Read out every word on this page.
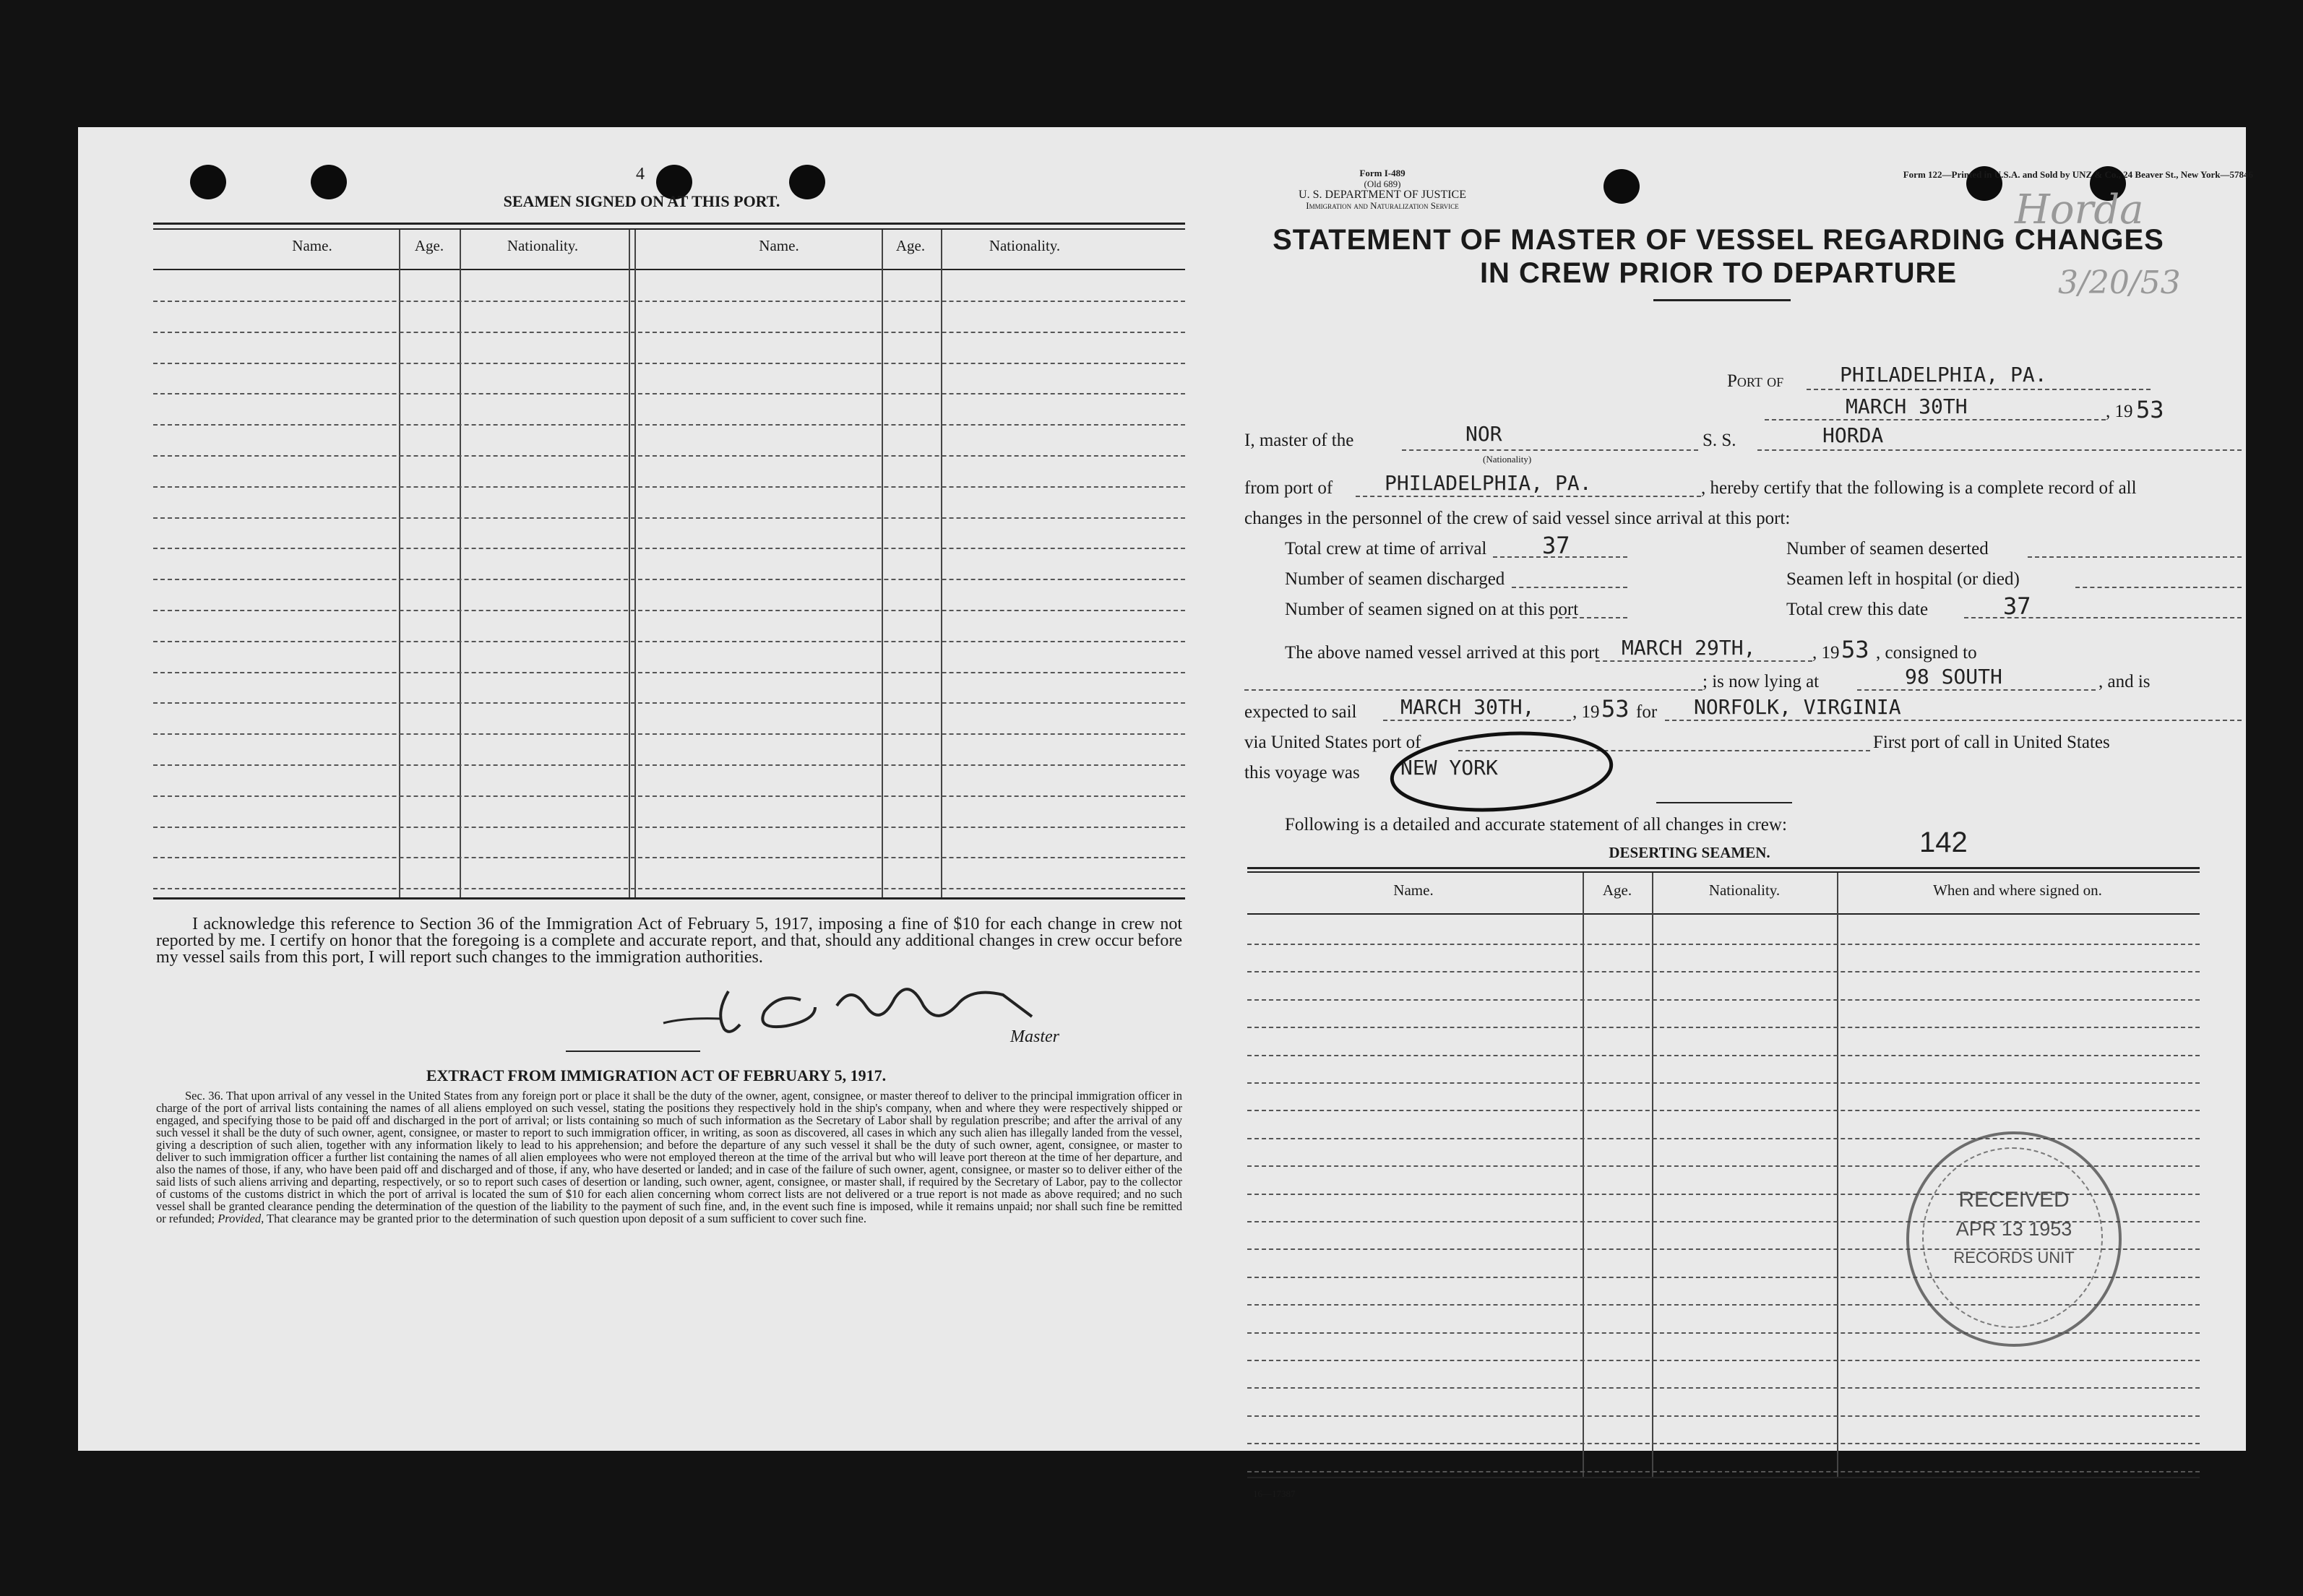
4
SEAMEN SIGNED ON AT THIS PORT.
Name.	Age.	Nationality.	Name.	Age.	Nationality.
I acknowledge this reference to Section 36 of the Immigration Act of February 5, 1917, imposing a fine of $10 for each change in crew not reported by me. I certify on honor that the foregoing is a complete and accurate report, and that, should any additional changes in crew occur before my vessel sails from this port, I will report such changes to the immigration authorities.
Master
EXTRACT FROM IMMIGRATION ACT OF FEBRUARY 5, 1917.
Sec. 36. That upon arrival of any vessel in the United States from any foreign port or place it shall be the duty of the owner, agent, consignee, or master thereof to deliver to the principal immigration officer in charge of the port of arrival lists containing the names of all aliens employed on such vessel, stating the positions they respectively hold in the ship's company, when and where they were respectively shipped or engaged, and specifying those to be paid off and discharged in the port of arrival; or lists containing so much of such information as the Secretary of Labor shall by regulation prescribe; and after the arrival of any such vessel it shall be the duty of such owner, agent, consignee, or master to report to such immigration officer, in writing, as soon as discovered, all cases in which any such alien has illegally landed from the vessel, giving a description of such alien, together with any information likely to lead to his apprehension; and before the departure of any such vessel it shall be the duty of such owner, agent, consignee, or master to deliver to such immigration officer a further list containing the names of all alien employees who were not employed thereon at the time of the arrival but who will leave port thereon at the time of her departure, and also the names of those, if any, who have been paid off and discharged and of those, if any, who have deserted or landed; and in case of the failure of such owner, agent, consignee, or master so to deliver either of the said lists of such aliens arriving and departing, respectively, or so to report such cases of desertion or landing, such owner, agent, consignee, or master shall, if required by the Secretary of Labor, pay to the collector of customs of the customs district in which the port of arrival is located the sum of $10 for each alien concerning whom correct lists are not delivered or a true report is not made as above required; and no such vessel shall be granted clearance pending the determination of the question of the liability to the payment of such fine, and, in the event such fine is imposed, while it remains unpaid; nor shall such fine be remitted or refunded; Provided, That clearance may be granted prior to the determination of such question upon deposit of a sum sufficient to cover such fine.
Form I-489
(Old 689)
U. S. DEPARTMENT OF JUSTICE
Immigration and Naturalization Service
Form 122—Printed in U.S.A. and Sold by UNZ & Co., 24 Beaver St., New York—57846
Horda
3/20/53
STATEMENT OF MASTER OF VESSEL REGARDING CHANGES
IN CREW PRIOR TO DEPARTURE
Port of	PHILADELPHIA, PA.
MARCH 30TH	, 19 53
I, master of the	NOR
(Nationality)
S. S.	HORDA
from port of	PHILADELPHIA, PA.	, hereby certify that the following is a complete record of all
changes in the personnel of the crew of said vessel since arrival at this port:
Total crew at time of arrival 37	Number of seamen deserted
Number of seamen discharged	Seamen left in hospital (or died)
Number of seamen signed on at this port	Total crew this date	37
The above named vessel arrived at this port MARCH 29TH,	, 19 53 , consigned to
; is now lying at	98 SOUTH	, and is
expected to sail MARCH 30TH, , 19 53 for NORFOLK, VIRGINIA
via United States port of	First port of call in United States
this voyage was NEW YORK
Following is a detailed and accurate statement of all changes in crew:
DESERTING SEAMEN.	142
Name.	Age.	Nationality.	When and where signed on.
16—17387
RECEIVED
APR 13 1953
RECORDS UNIT
